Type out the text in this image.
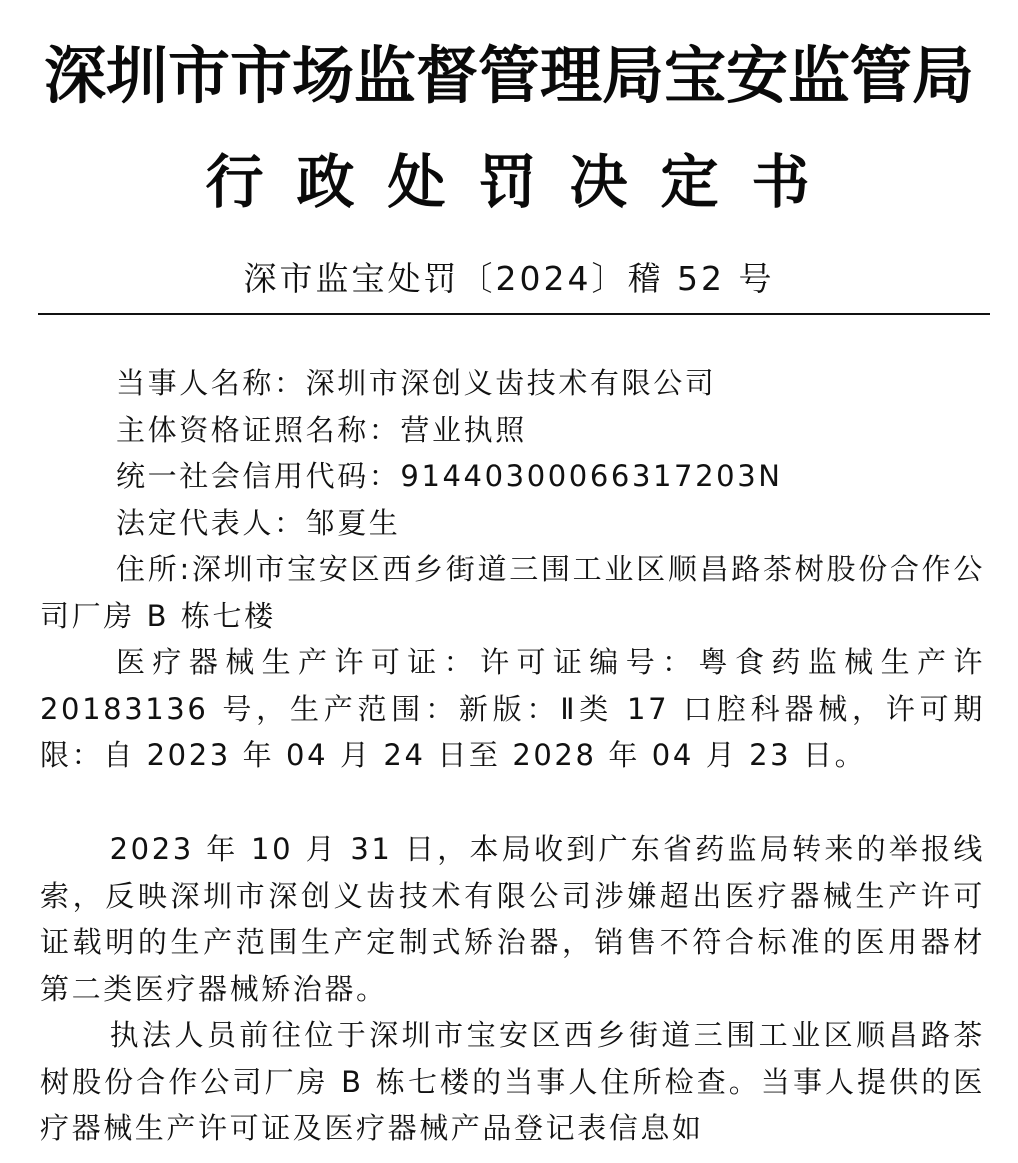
深圳市市场监督管理局宝安监管局
行政处罚决定书
深市监宝处罚〔2024〕稽 52 号

当事人名称：深圳市深创义齿技术有限公司

主体资格证照名称：营业执照

统一社会信用代码：91440300066317203N

法定代表人：邹夏生

住所:深圳市宝安区西乡街道三围工业区顺昌路茶树股份合作公司厂房 B 栋七楼

医疗器械生产许可证：许可证编号：粤食药监械生产许20183136 号，生产范围：新版：Ⅱ类 17 口腔科器械，许可期限：自 2023 年 04 月 24 日至 2028 年 04 月 23 日。

2023 年 10 月 31 日，本局收到广东省药监局转来的举报线索，反映深圳市深创义齿技术有限公司涉嫌超出医疗器械生产许可证载明的生产范围生产定制式矫治器，销售不符合标准的医用器材第二类医疗器械矫治器。

执法人员前往位于深圳市宝安区西乡街道三围工业区顺昌路茶树股份合作公司厂房 B 栋七楼的当事人住所检查。当事人提供的医疗器械生产许可证及医疗器械产品登记表信息如
